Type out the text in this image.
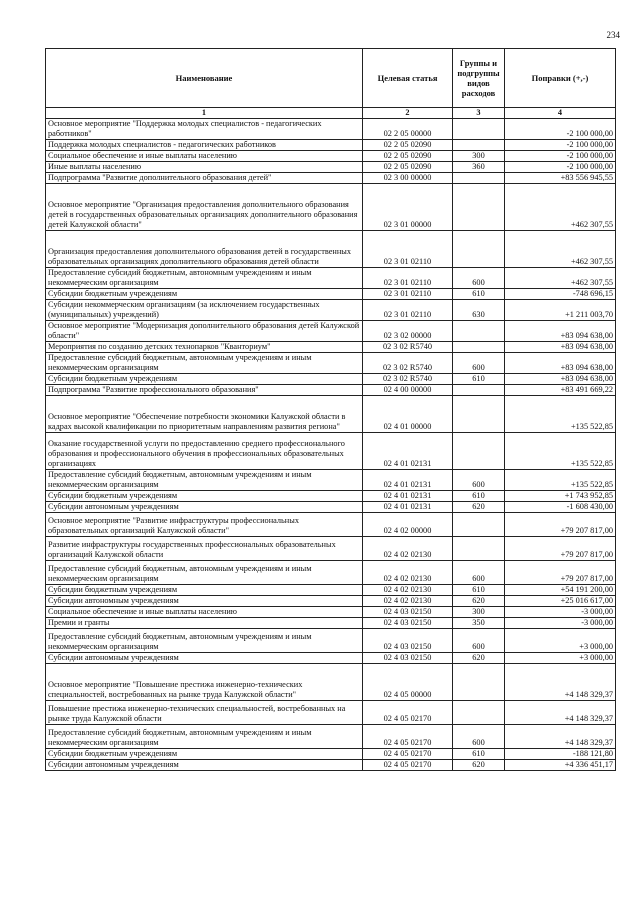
234
Наименование	Целевая статья	Группы и подгруппы видов расходов	Поправки (+,-)
1	2	3	4
Основное мероприятие "Поддержка молодых специалистов - педагогических работников"	02 2 05 00000		-2 100 000,00
Поддержка молодых специалистов - педагогических работников	02 2 05 02090		-2 100 000,00
Социальное обеспечение и иные выплаты населению	02 2 05 02090	300	-2 100 000,00
Иные выплаты населению	02 2 05 02090	360	-2 100 000,00
Подпрограмма "Развитие дополнительного образования детей"	02 3 00 00000		+83 556 945,55
Основное мероприятие "Организация предоставления дополнительного образования детей в государственных образовательных организациях дополнительного образования детей Калужской области"	02 3 01 00000		+462 307,55
Организация предоставления дополнительного образования детей в государственных образовательных организациях дополнительного образования детей области	02 3 01 02110		+462 307,55
Предоставление субсидий бюджетным, автономным учреждениям и иным некоммерческим организациям	02 3 01 02110	600	+462 307,55
Субсидии бюджетным учреждениям	02 3 01 02110	610	-748 696,15
Субсидии некоммерческим организациям (за исключением государственных (муниципальных) учреждений)	02 3 01 02110	630	+1 211 003,70
Основное мероприятие "Модернизация дополнительного образования детей Калужской области"	02 3 02 00000		+83 094 638,00
Мероприятия по созданию детских технопарков "Кванториум"	02 3 02 R5740		+83 094 638,00
Предоставление субсидий бюджетным, автономным учреждениям и иным некоммерческим организациям	02 3 02 R5740	600	+83 094 638,00
Субсидии бюджетным учреждениям	02 3 02 R5740	610	+83 094 638,00
Подпрограмма "Развитие профессионального образования"	02 4 00 00000		+83 491 669,22
Основное мероприятие "Обеспечение потребности экономики Калужской области в кадрах высокой квалификации по приоритетным направлениям развития региона"	02 4 01 00000		+135 522,85
Оказание государственной услуги по предоставлению среднего профессионального образования и профессионального обучения в профессиональных образовательных организациях	02 4 01 02131		+135 522,85
Предоставление субсидий бюджетным, автономным учреждениям и иным некоммерческим организациям	02 4 01 02131	600	+135 522,85
Субсидии бюджетным учреждениям	02 4 01 02131	610	+1 743 952,85
Субсидии автономным учреждениям	02 4 01 02131	620	-1 608 430,00
Основное мероприятие "Развитие инфраструктуры профессиональных образовательных организаций Калужской области"	02 4 02 00000		+79 207 817,00
Развитие инфраструктуры государственных профессиональных образовательных организаций Калужской области	02 4 02 02130		+79 207 817,00
Предоставление субсидий бюджетным, автономным учреждениям и иным некоммерческим организациям	02 4 02 02130	600	+79 207 817,00
Субсидии бюджетным учреждениям	02 4 02 02130	610	+54 191 200,00
Субсидии автономным учреждениям	02 4 02 02130	620	+25 016 617,00
Социальное обеспечение и иные выплаты населению	02 4 03 02150	300	-3 000,00
Премии и гранты	02 4 03 02150	350	-3 000,00
Предоставление субсидий бюджетным, автономным учреждениям и иным некоммерческим организациям	02 4 03 02150	600	+3 000,00
Субсидии автономным учреждениям	02 4 03 02150	620	+3 000,00
Основное мероприятие "Повышение престижа инженерно-технических специальностей, востребованных на рынке труда Калужской области"	02 4 05 00000		+4 148 329,37
Повышение престижа инженерно-технических специальностей, востребованных на рынке труда Калужской области	02 4 05 02170		+4 148 329,37
Предоставление субсидий бюджетным, автономным учреждениям и иным некоммерческим организациям	02 4 05 02170	600	+4 148 329,37
Субсидии бюджетным учреждениям	02 4 05 02170	610	-188 121,80
Субсидии автономным учреждениям	02 4 05 02170	620	+4 336 451,17
